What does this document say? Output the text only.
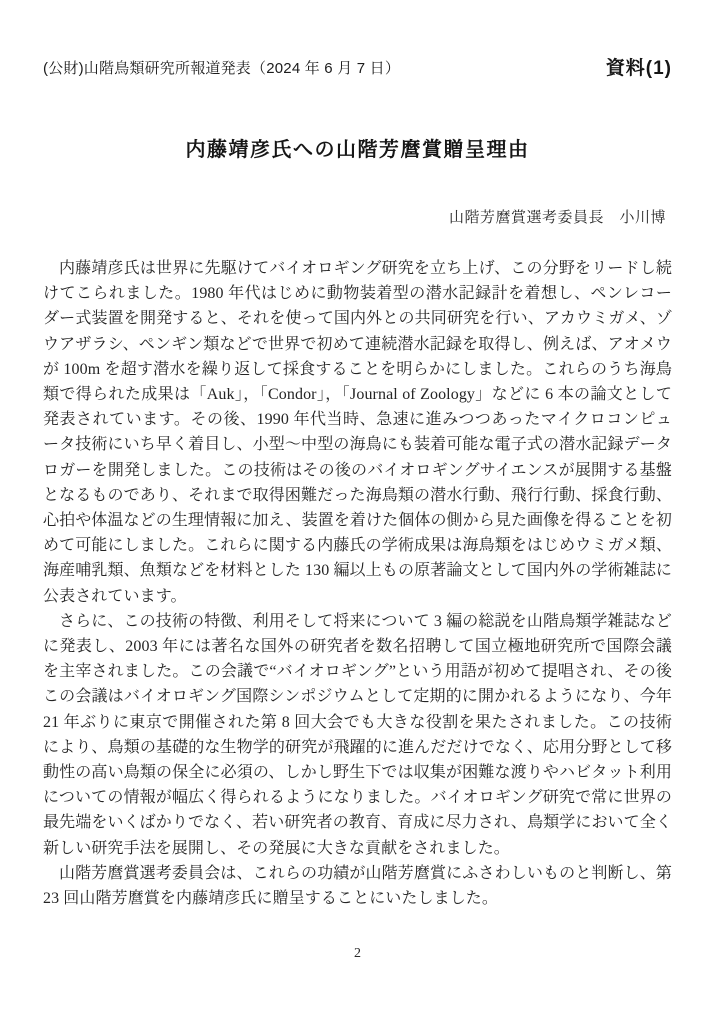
(公財)山階鳥類研究所報道発表（2024 年 6 月 7 日）	資料(1)
内藤靖彦氏への山階芳麿賞贈呈理由
山階芳麿賞選考委員長　小川博

内藤靖彦氏は世界に先駆けてバイオロギング研究を立ち上げ、この分野をリードし続けてこられました。1980 年代はじめに動物装着型の潜水記録計を着想し、ペンレコーダー式装置を開発すると、それを使って国内外との共同研究を行い、アカウミガメ、ゾウアザラシ、ペンギン類などで世界で初めて連続潜水記録を取得し、例えば、アオメウが 100m を超す潜水を繰り返して採食することを明らかにしました。これらのうち海鳥類で得られた成果は「Auk」，「Condor」，「Journal of Zoology」などに 6 本の論文として発表されています。その後、1990 年代当時、急速に進みつつあったマイクロコンピュータ技術にいち早く着目し、小型～中型の海鳥にも装着可能な電子式の潜水記録データロガーを開発しました。この技術はその後のバイオロギングサイエンスが展開する基盤となるものであり、それまで取得困難だった海鳥類の潜水行動、飛行行動、採食行動、心拍や体温などの生理情報に加え、装置を着けた個体の側から見た画像を得ることを初めて可能にしました。これらに関する内藤氏の学術成果は海鳥類をはじめウミガメ類、海産哺乳類、魚類などを材料とした 130 編以上もの原著論文として国内外の学術雑誌に公表されています。

さらに、この技術の特徴、利用そして将来について 3 編の総説を山階鳥類学雑誌などに発表し、2003 年には著名な国外の研究者を数名招聘して国立極地研究所で国際会議を主宰されました。この会議で“バイオロギング”という用語が初めて提唱され、その後この会議はバイオロギング国際シンポジウムとして定期的に開かれるようになり、今年 21 年ぶりに東京で開催された第 8 回大会でも大きな役割を果たされました。この技術により、鳥類の基礎的な生物学的研究が飛躍的に進んだだけでなく、応用分野として移動性の高い鳥類の保全に必須の、しかし野生下では収集が困難な渡りやハビタット利用についての情報が幅広く得られるようになりました。バイオロギング研究で常に世界の最先端をいくばかりでなく、若い研究者の教育、育成に尽力され、鳥類学において全く新しい研究手法を展開し、その発展に大きな貢献をされました。

山階芳麿賞選考委員会は、これらの功績が山階芳麿賞にふさわしいものと判断し、第 23 回山階芳麿賞を内藤靖彦氏に贈呈することにいたしました。

2
